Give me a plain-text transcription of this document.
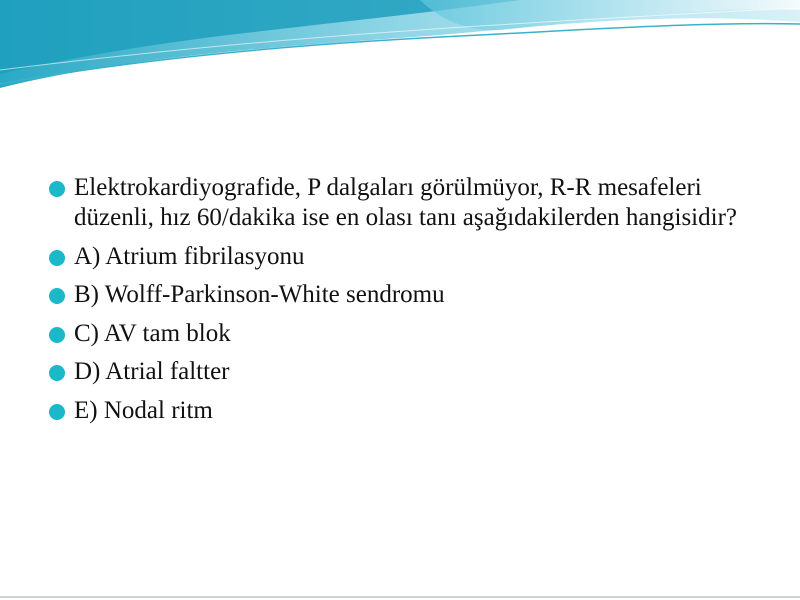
Elektrokardiyografide, P dalgaları görülmüyor, R-R mesafeleri düzenli, hız 60/dakika ise en olası tanı aşağıdakilerden hangisidir?
A) Atrium fibrilasyonu
B) Wolff-Parkinson-White sendromu
C) AV tam blok
D) Atrial faltter
E) Nodal ritm
